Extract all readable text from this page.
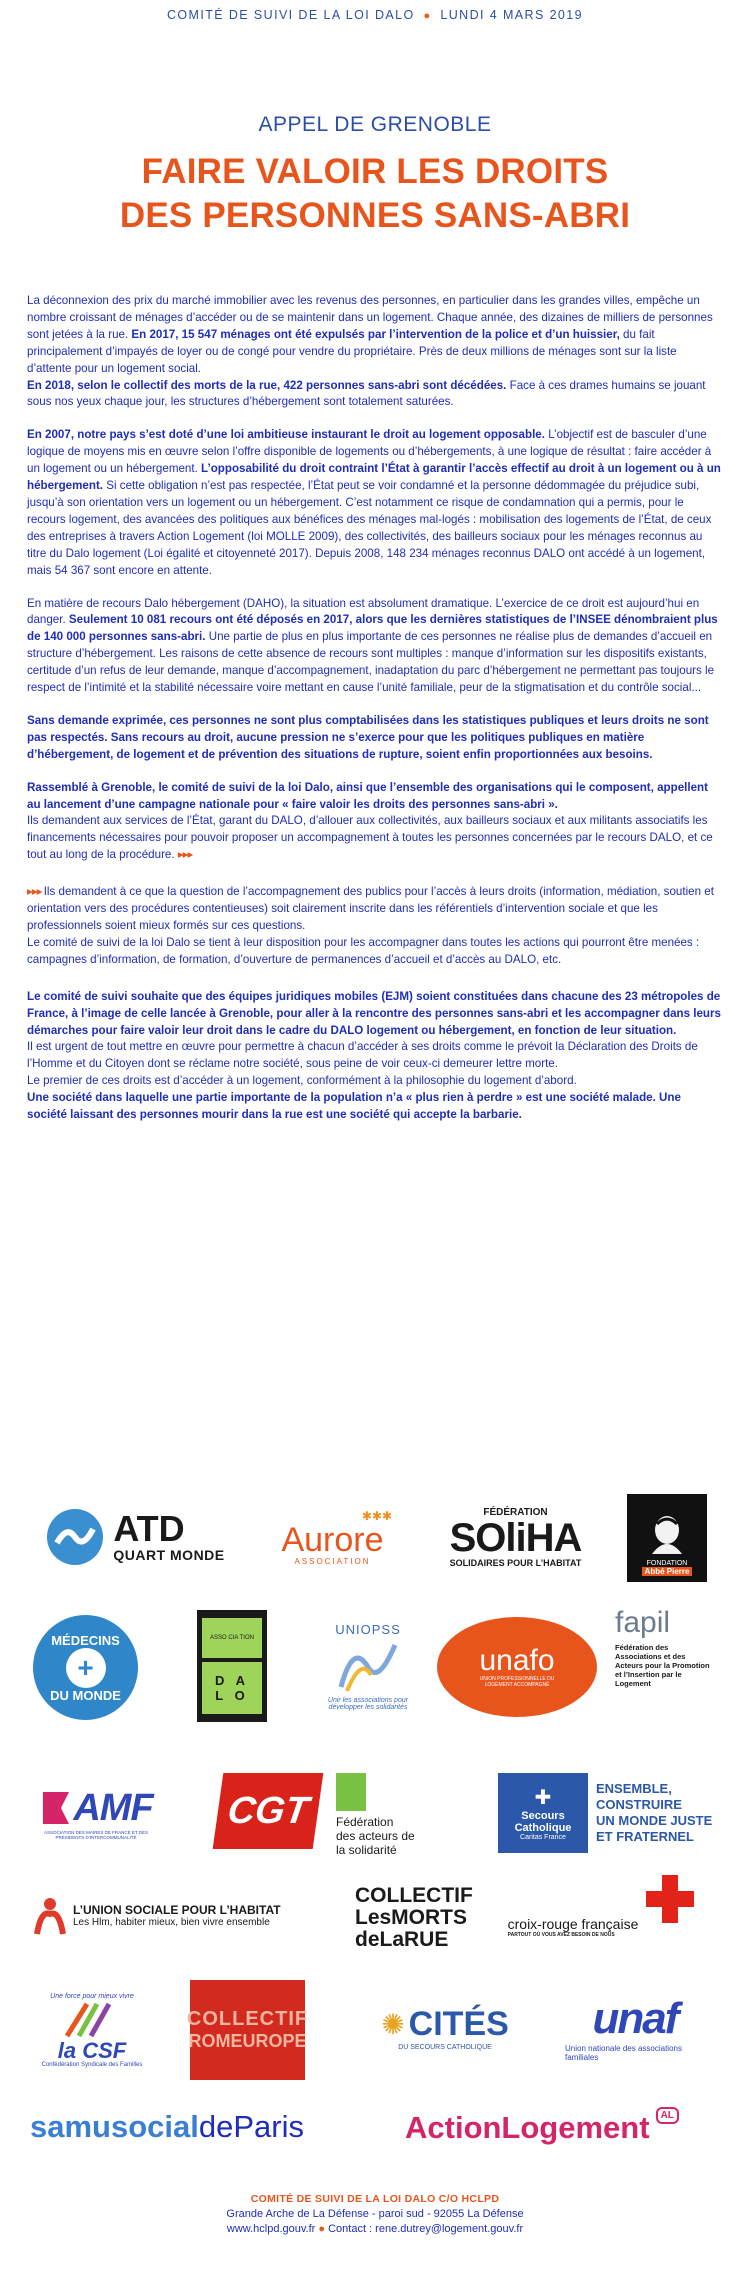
COMITÉ DE SUIVI DE LA LOI DALO ● LUNDI 4 MARS 2019
APPEL DE GRENOBLE
FAIRE VALOIR LES DROITS
DES PERSONNES SANS-ABRI

La déconnexion des prix du marché immobilier avec les revenus des personnes, en particulier dans les grandes villes, empêche un nombre croissant de ménages d’accéder ou de se maintenir dans un logement. Chaque année, des dizaines de milliers de personnes sont jetées à la rue. En 2017, 15 547 ménages ont été expulsés par l’intervention de la police et d’un huissier, du fait principalement d’impayés de loyer ou de congé pour vendre du propriétaire. Près de deux millions de ménages sont sur la liste d’attente pour un logement social.
En 2018, selon le collectif des morts de la rue, 422 personnes sans-abri sont décédées. Face à ces drames humains se jouant sous nos yeux chaque jour, les structures d’hébergement sont totalement saturées.

En 2007, notre pays s’est doté d’une loi ambitieuse instaurant le droit au logement opposable. L’objectif est de basculer d’une logique de moyens mis en œuvre selon l’offre disponible de logements ou d’hébergements, à une logique de résultat : faire accéder à un logement ou un hébergement. L’opposabilité du droit contraint l’État à garantir l’accès effectif au droit à un logement ou à un hébergement. Si cette obligation n’est pas respectée, l’État peut se voir condamné et la personne dédommagée du préjudice subi, jusqu’à son orientation vers un logement ou un hébergement. C’est notamment ce risque de condamnation qui a permis, pour le recours logement, des avancées des politiques aux bénéfices des ménages mal-logés : mobilisation des logements de l’État, de ceux des entreprises à travers Action Logement (loi MOLLE 2009), des collectivités, des bailleurs sociaux pour les ménages reconnus au titre du Dalo logement (Loi égalité et citoyenneté 2017). Depuis 2008, 148 234 ménages reconnus DALO ont accédé à un logement, mais 54 367 sont encore en attente.

En matière de recours Dalo hébergement (DAHO), la situation est absolument dramatique. L’exercice de ce droit est aujourd’hui en danger. Seulement 10 081 recours ont été déposés en 2017, alors que les dernières statistiques de l’INSEE dénombraient plus de 140 000 personnes sans-abri. Une partie de plus en plus importante de ces personnes ne réalise plus de demandes d’accueil en structure d’hébergement. Les raisons de cette absence de recours sont multiples : manque d’information sur les dispositifs existants, certitude d’un refus de leur demande, manque d’accompagnement, inadaptation du parc d’hébergement ne permettant pas toujours le respect de l’intimité et la stabilité nécessaire voire mettant en cause l’unité familiale, peur de la stigmatisation et du contrôle social...

Sans demande exprimée, ces personnes ne sont plus comptabilisées dans les statistiques publiques et leurs droits ne sont pas respectés. Sans recours au droit, aucune pression ne s’exerce pour que les politiques publiques en matière d’hébergement, de logement et de prévention des situations de rupture, soient enfin proportionnées aux besoins.

Rassemblé à Grenoble, le comité de suivi de la loi Dalo, ainsi que l’ensemble des organisations qui le composent, appellent au lancement d’une campagne nationale pour « faire valoir les droits des personnes sans-abri ».
Ils demandent aux services de l’État, garant du DALO, d’allouer aux collectivités, aux bailleurs sociaux et aux militants associatifs les financements nécessaires pour pouvoir proposer un accompagnement à toutes les personnes concernées par le recours DALO, et ce tout au long de la procédure. ▸▸▸

▸▸▸ Ils demandent à ce que la question de l’accompagnement des publics pour l’accès à leurs droits (information, médiation, soutien et orientation vers des procédures contentieuses) soit clairement inscrite dans les référentiels d’intervention sociale et que les professionnels soient mieux formés sur ces questions.
Le comité de suivi de la loi Dalo se tient à leur disposition pour les accompagner dans toutes les actions qui pourront être menées : campagnes d’information, de formation, d’ouverture de permanences d’accueil et d’accès au DALO, etc.

Le comité de suivi souhaite que des équipes juridiques mobiles (EJM) soient constituées dans chacune des 23 métropoles de France, à l’image de celle lancée à Grenoble, pour aller à la rencontre des personnes sans-abri et les accompagner dans leurs démarches pour faire valoir leur droit dans le cadre du DALO logement ou hébergement, en fonction de leur situation.
Il est urgent de tout mettre en œuvre pour permettre à chacun d’accéder à ses droits comme le prévoit la Déclaration des Droits de l’Homme et du Citoyen dont se réclame notre société, sous peine de voir ceux-ci demeurer lettre morte.
Le premier de ces droits est d’accéder à un logement, conformément à la philosophie du logement d’abord.
Une société dans laquelle une partie importante de la population n’a « plus rien à perdre » est une société malade. Une société laissant des personnes mourir dans la rue est une société qui accepte la barbarie.

ATD
QUART MONDE
✱✱✱
Aurore
ASSOCIATION
FÉDÉRATION
SOliHA
SOLIDAIRES POUR L’HABITAT	FONDATION
Abbé Pierre
MÉDECINS
+
DU MONDE
ASSO CIA TION
D A
L O
UNIOPSS
Unir les associations pour développer les solidarités
unafo
UNION PROFESSIONNELLE DU LOGEMENT ACCOMPAGNÉ
fapil
Fédération des Associations et des Acteurs pour la Promotion et l’Insertion par le Logement
AMF
ASSOCIATION DES MAIRES DE FRANCE ET DES PRÉSIDENTS D’INTERCOMMUNALITÉ
CGT Fédération
des acteurs de
la solidarité
✚
Secours
Catholique
Caritas France
ENSEMBLE,
CONSTRUIRE
UN MONDE JUSTE
ET FRATERNEL
L’UNION SOCIALE POUR L’HABITAT
Les Hlm, habiter mieux, bien vivre ensemble
COLLECTIF
LesMORTS
deLaRUE
croix-rouge française
PARTOUT OÙ VOUS AVEZ BESOIN DE NOUS
Une force pour mieux vivre
la CSF
Confédération Syndicale des Familles
COLLECTIF
ROMEUROPE
✺ CITÉS
DU SECOURS CATHOLIQUE
unaf
Union nationale des associations familiales
samusocial deParis	ActionLogement	AL
COMITÉ DE SUIVI DE LA LOI DALO C/O HCLPD
Grande Arche de La Défense - paroi sud - 92055 La Défense
www.hclpd.gouv.fr ● Contact : rene.dutrey@logement.gouv.fr
